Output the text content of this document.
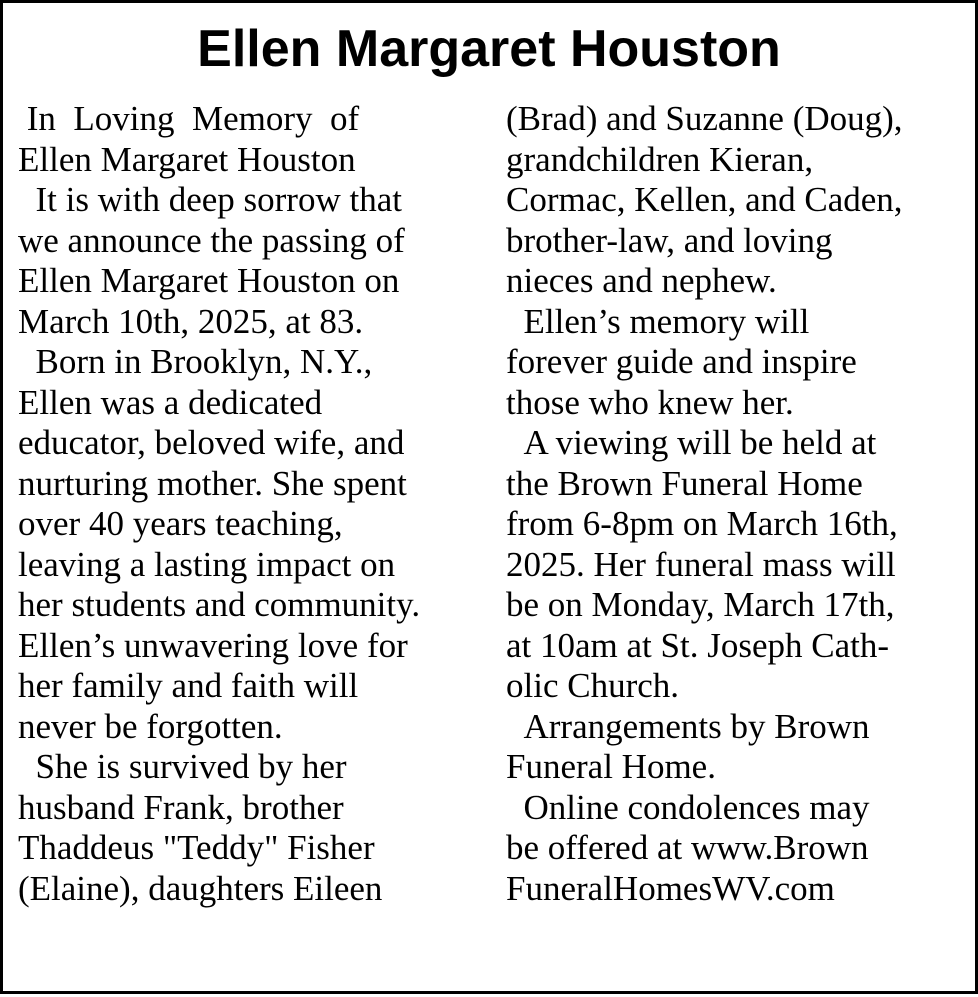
Ellen Margaret Houston
In  Loving  Memory  of
Ellen Margaret Houston
It is with deep sorrow that
we announce the passing of
Ellen Margaret Houston on
March 10th, 2025, at 83.
Born in Brooklyn, N.Y.,
Ellen was a dedicated
educator, beloved wife, and
nurturing mother. She spent
over 40 years teaching,
leaving a lasting impact on
her students and community.
Ellen’s unwavering love for
her family and faith will
never be forgotten.
She is survived by her
husband Frank, brother
Thaddeus "Teddy" Fisher
(Elaine), daughters Eileen
(Brad) and Suzanne (Doug),
grandchildren Kieran,
Cormac, Kellen, and Caden,
brother-law, and loving
nieces and nephew.
Ellen’s memory will
forever guide and inspire
those who knew her.
A viewing will be held at
the Brown Funeral Home
from 6-8pm on March 16th,
2025. Her funeral mass will
be on Monday, March 17th,
at 10am at St. Joseph Cath-
olic Church.
Arrangements by Brown
Funeral Home.
Online condolences may
be offered at www.Brown
FuneralHomesWV.com
